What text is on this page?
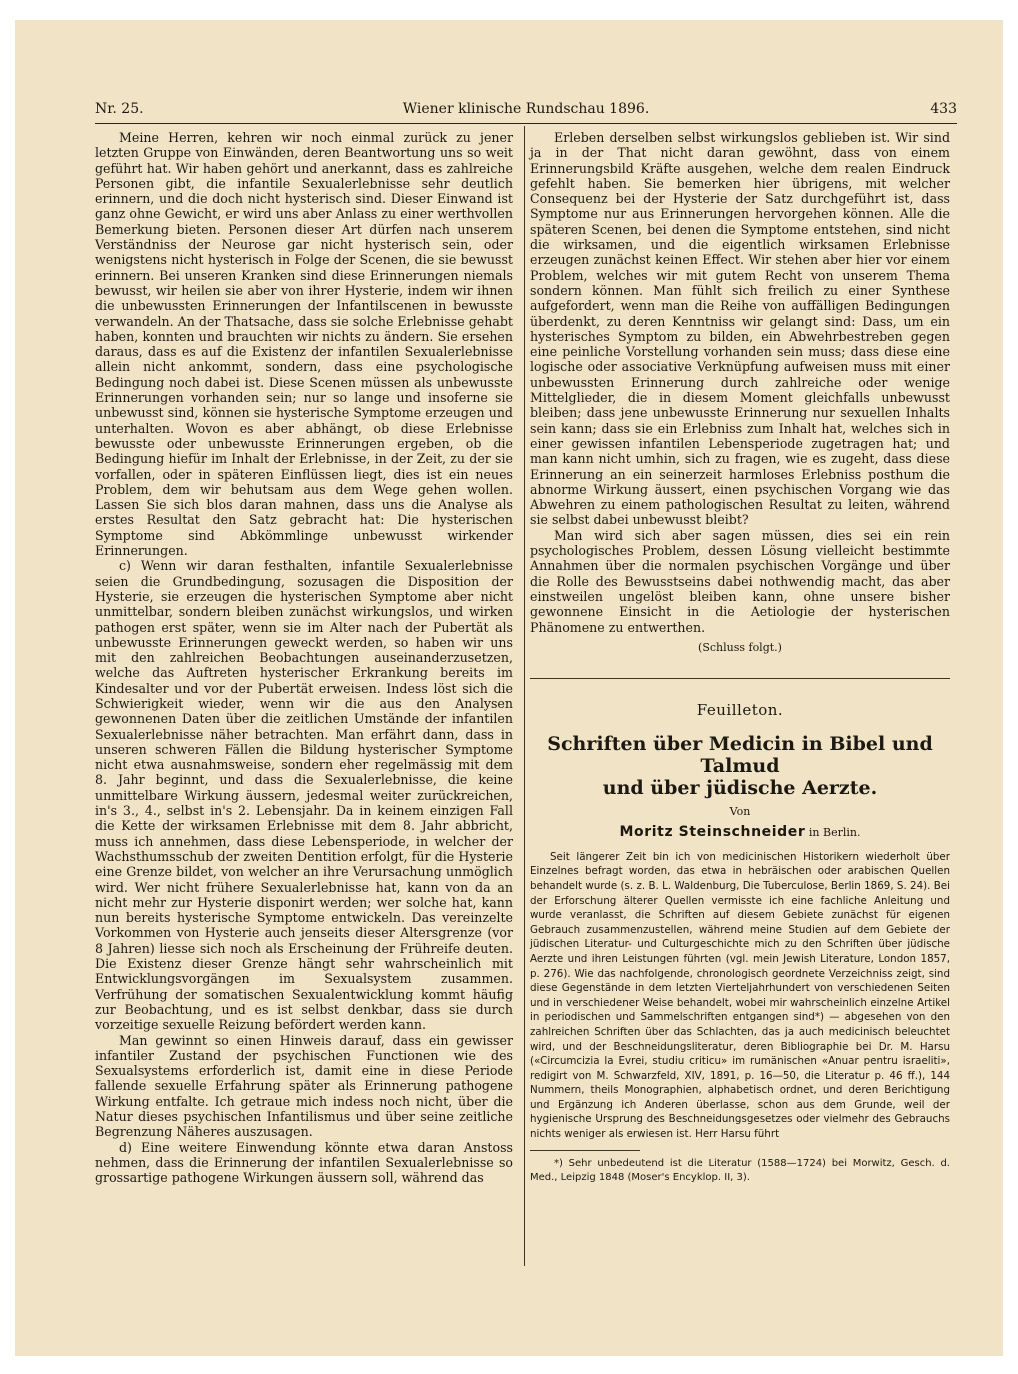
Nr. 25.	Wiener klinische Rundschau 1896.	433

Meine Herren, kehren wir noch einmal zurück zu jener letzten Gruppe von Einwänden, deren Beantwortung uns so weit geführt hat. Wir haben gehört und anerkannt, dass es zahlreiche Personen gibt, die infantile Sexualerlebnisse sehr deutlich erinnern, und die doch nicht hysterisch sind. Dieser Einwand ist ganz ohne Gewicht, er wird uns aber Anlass zu einer werthvollen Bemerkung bieten. Personen dieser Art dürfen nach unserem Verständniss der Neurose gar nicht hysterisch sein, oder wenigstens nicht hysterisch in Folge der Scenen, die sie bewusst erinnern. Bei unseren Kranken sind diese Erinnerungen niemals bewusst, wir heilen sie aber von ihrer Hysterie, indem wir ihnen die unbewussten Erinnerungen der Infantilscenen in bewusste verwandeln. An der Thatsache, dass sie solche Erlebnisse gehabt haben, konnten und brauchten wir nichts zu ändern. Sie ersehen daraus, dass es auf die Existenz der infantilen Sexualerlebnisse allein nicht ankommt, sondern, dass eine psychologische Bedingung noch dabei ist. Diese Scenen müssen als unbewusste Erinnerungen vorhanden sein; nur so lange und insoferne sie unbewusst sind, können sie hysterische Symptome erzeugen und unterhalten. Wovon es aber abhängt, ob diese Erlebnisse bewusste oder unbewusste Erinnerungen ergeben, ob die Bedingung hiefür im Inhalt der Erlebnisse, in der Zeit, zu der sie vorfallen, oder in späteren Einflüssen liegt, dies ist ein neues Problem, dem wir behutsam aus dem Wege gehen wollen. Lassen Sie sich blos daran mahnen, dass uns die Analyse als erstes Resultat den Satz gebracht hat: Die hysterischen Symptome sind Abkömmlinge unbewusst wirkender Erinnerungen.

c) Wenn wir daran festhalten, infantile Sexualerlebnisse seien die Grundbedingung, sozusagen die Disposition der Hysterie, sie erzeugen die hysterischen Symptome aber nicht unmittelbar, sondern bleiben zunächst wirkungslos, und wirken pathogen erst später, wenn sie im Alter nach der Pubertät als unbewusste Erinnerungen geweckt werden, so haben wir uns mit den zahlreichen Beobachtungen auseinanderzusetzen, welche das Auftreten hysterischer Erkrankung bereits im Kindesalter und vor der Pubertät erweisen. Indess löst sich die Schwierigkeit wieder, wenn wir die aus den Analysen gewonnenen Daten über die zeitlichen Umstände der infantilen Sexualerlebnisse näher betrachten. Man erfährt dann, dass in unseren schweren Fällen die Bildung hysterischer Symptome nicht etwa ausnahmsweise, sondern eher regelmässig mit dem 8. Jahr beginnt, und dass die Sexualerlebnisse, die keine unmittelbare Wirkung äussern, jedesmal weiter zurückreichen, in's 3., 4., selbst in's 2. Lebensjahr. Da in keinem einzigen Fall die Kette der wirksamen Erlebnisse mit dem 8. Jahr abbricht, muss ich annehmen, dass diese Lebensperiode, in welcher der Wachsthumsschub der zweiten Dentition erfolgt, für die Hysterie eine Grenze bildet, von welcher an ihre Verursachung unmöglich wird. Wer nicht frühere Sexualerlebnisse hat, kann von da an nicht mehr zur Hysterie disponirt werden; wer solche hat, kann nun bereits hysterische Symptome entwickeln. Das vereinzelte Vorkommen von Hysterie auch jenseits dieser Altersgrenze (vor 8 Jahren) liesse sich noch als Erscheinung der Frühreife deuten. Die Existenz dieser Grenze hängt sehr wahrscheinlich mit Entwicklungsvorgängen im Sexualsystem zusammen. Verfrühung der somatischen Sexualentwicklung kommt häufig zur Beobachtung, und es ist selbst denkbar, dass sie durch vorzeitige sexuelle Reizung befördert werden kann.

Man gewinnt so einen Hinweis darauf, dass ein gewisser infantiler Zustand der psychischen Functionen wie des Sexualsystems erforderlich ist, damit eine in diese Periode fallende sexuelle Erfahrung später als Erinnerung pathogene Wirkung entfalte. Ich getraue mich indess noch nicht, über die Natur dieses psychischen Infantilismus und über seine zeitliche Begrenzung Näheres auszusagen.

d) Eine weitere Einwendung könnte etwa daran Anstoss nehmen, dass die Erinnerung der infantilen Sexualerlebnisse so grossartige pathogene Wirkungen äussern soll, während das

Erleben derselben selbst wirkungslos geblieben ist. Wir sind ja in der That nicht daran gewöhnt, dass von einem Erinnerungsbild Kräfte ausgehen, welche dem realen Eindruck gefehlt haben. Sie bemerken hier übrigens, mit welcher Consequenz bei der Hysterie der Satz durchgeführt ist, dass Symptome nur aus Erinnerungen hervorgehen können. Alle die späteren Scenen, bei denen die Symptome entstehen, sind nicht die wirksamen, und die eigentlich wirksamen Erlebnisse erzeugen zunächst keinen Effect. Wir stehen aber hier vor einem Problem, welches wir mit gutem Recht von unserem Thema sondern können. Man fühlt sich freilich zu einer Synthese aufgefordert, wenn man die Reihe von auffälligen Bedingungen überdenkt, zu deren Kenntniss wir gelangt sind: Dass, um ein hysterisches Symptom zu bilden, ein Abwehrbestreben gegen eine peinliche Vorstellung vorhanden sein muss; dass diese eine logische oder associative Verknüpfung aufweisen muss mit einer unbewussten Erinnerung durch zahlreiche oder wenige Mittelglieder, die in diesem Moment gleichfalls unbewusst bleiben; dass jene unbewusste Erinnerung nur sexuellen Inhalts sein kann; dass sie ein Erlebniss zum Inhalt hat, welches sich in einer gewissen infantilen Lebensperiode zugetragen hat; und man kann nicht umhin, sich zu fragen, wie es zugeht, dass diese Erinnerung an ein seinerzeit harmloses Erlebniss posthum die abnorme Wirkung äussert, einen psychischen Vorgang wie das Abwehren zu einem pathologischen Resultat zu leiten, während sie selbst dabei unbewusst bleibt?

Man wird sich aber sagen müssen, dies sei ein rein psychologisches Problem, dessen Lösung vielleicht bestimmte Annahmen über die normalen psychischen Vorgänge und über die Rolle des Bewusstseins dabei nothwendig macht, das aber einstweilen ungelöst bleiben kann, ohne unsere bisher gewonnene Einsicht in die Aetiologie der hysterischen Phänomene zu entwerthen.

(Schluss folgt.)
Feuilleton.
Schriften über Medicin in Bibel und Talmud
und über jüdische Aerzte.
Von
Moritz Steinschneider in Berlin.

Seit längerer Zeit bin ich von medicinischen Historikern wiederholt über Einzelnes befragt worden, das etwa in hebräischen oder arabischen Quellen behandelt wurde (s. z. B. L. Waldenburg, Die Tuberculose, Berlin 1869, S. 24). Bei der Erforschung älterer Quellen vermisste ich eine fachliche Anleitung und wurde veranlasst, die Schriften auf diesem Gebiete zunächst für eigenen Gebrauch zusammenzustellen, während meine Studien auf dem Gebiete der jüdischen Literatur- und Culturgeschichte mich zu den Schriften über jüdische Aerzte und ihren Leistungen führten (vgl. mein Jewish Literature, London 1857, p. 276). Wie das nachfolgende, chronologisch geordnete Verzeichniss zeigt, sind diese Gegenstände in dem letzten Vierteljahrhundert von verschiedenen Seiten und in verschiedener Weise behandelt, wobei mir wahrscheinlich einzelne Artikel in periodischen und Sammelschriften entgangen sind*) — abgesehen von den zahlreichen Schriften über das Schlachten, das ja auch medicinisch beleuchtet wird, und der Beschneidungsliteratur, deren Bibliographie bei Dr. M. Harsu («Circumcizia la Evrei, studiu criticu» im rumänischen «Anuar pentru israeliti», redigirt von M. Schwarzfeld, XIV, 1891, p. 16—50, die Literatur p. 46 ff.), 144 Nummern, theils Monographien, alphabetisch ordnet, und deren Berichtigung und Ergänzung ich Anderen überlasse, schon aus dem Grunde, weil der hygienische Ursprung des Beschneidungsgesetzes oder vielmehr des Gebrauchs nichts weniger als erwiesen ist. Herr Harsu führt

*) Sehr unbedeutend ist die Literatur (1588—1724) bei Morwitz, Gesch. d. Med., Leipzig 1848 (Moser's Encyklop. II, 3).
